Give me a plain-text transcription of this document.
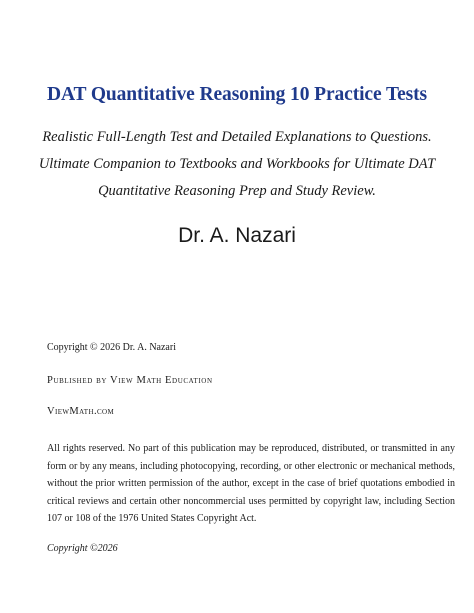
DAT Quantitative Reasoning 10 Practice Tests
Realistic Full-Length Test and Detailed Explanations to Questions.
Ultimate Companion to Textbooks and Workbooks for Ultimate DAT
Quantitative Reasoning Prep and Study Review.
Dr. A. Nazari
Copyright © 2026 Dr. A. Nazari
Published by View Math Education
ViewMath.com
All rights reserved. No part of this publication may be reproduced, distributed, or transmitted in any form or by any means, including photocopying, recording, or other electronic or mechanical methods, without the prior written permission of the author, except in the case of brief quotations embodied in critical reviews and certain other noncommercial uses permitted by copyright law, including Section 107 or 108 of the 1976 United States Copyright Act.
Copyright ©2026
